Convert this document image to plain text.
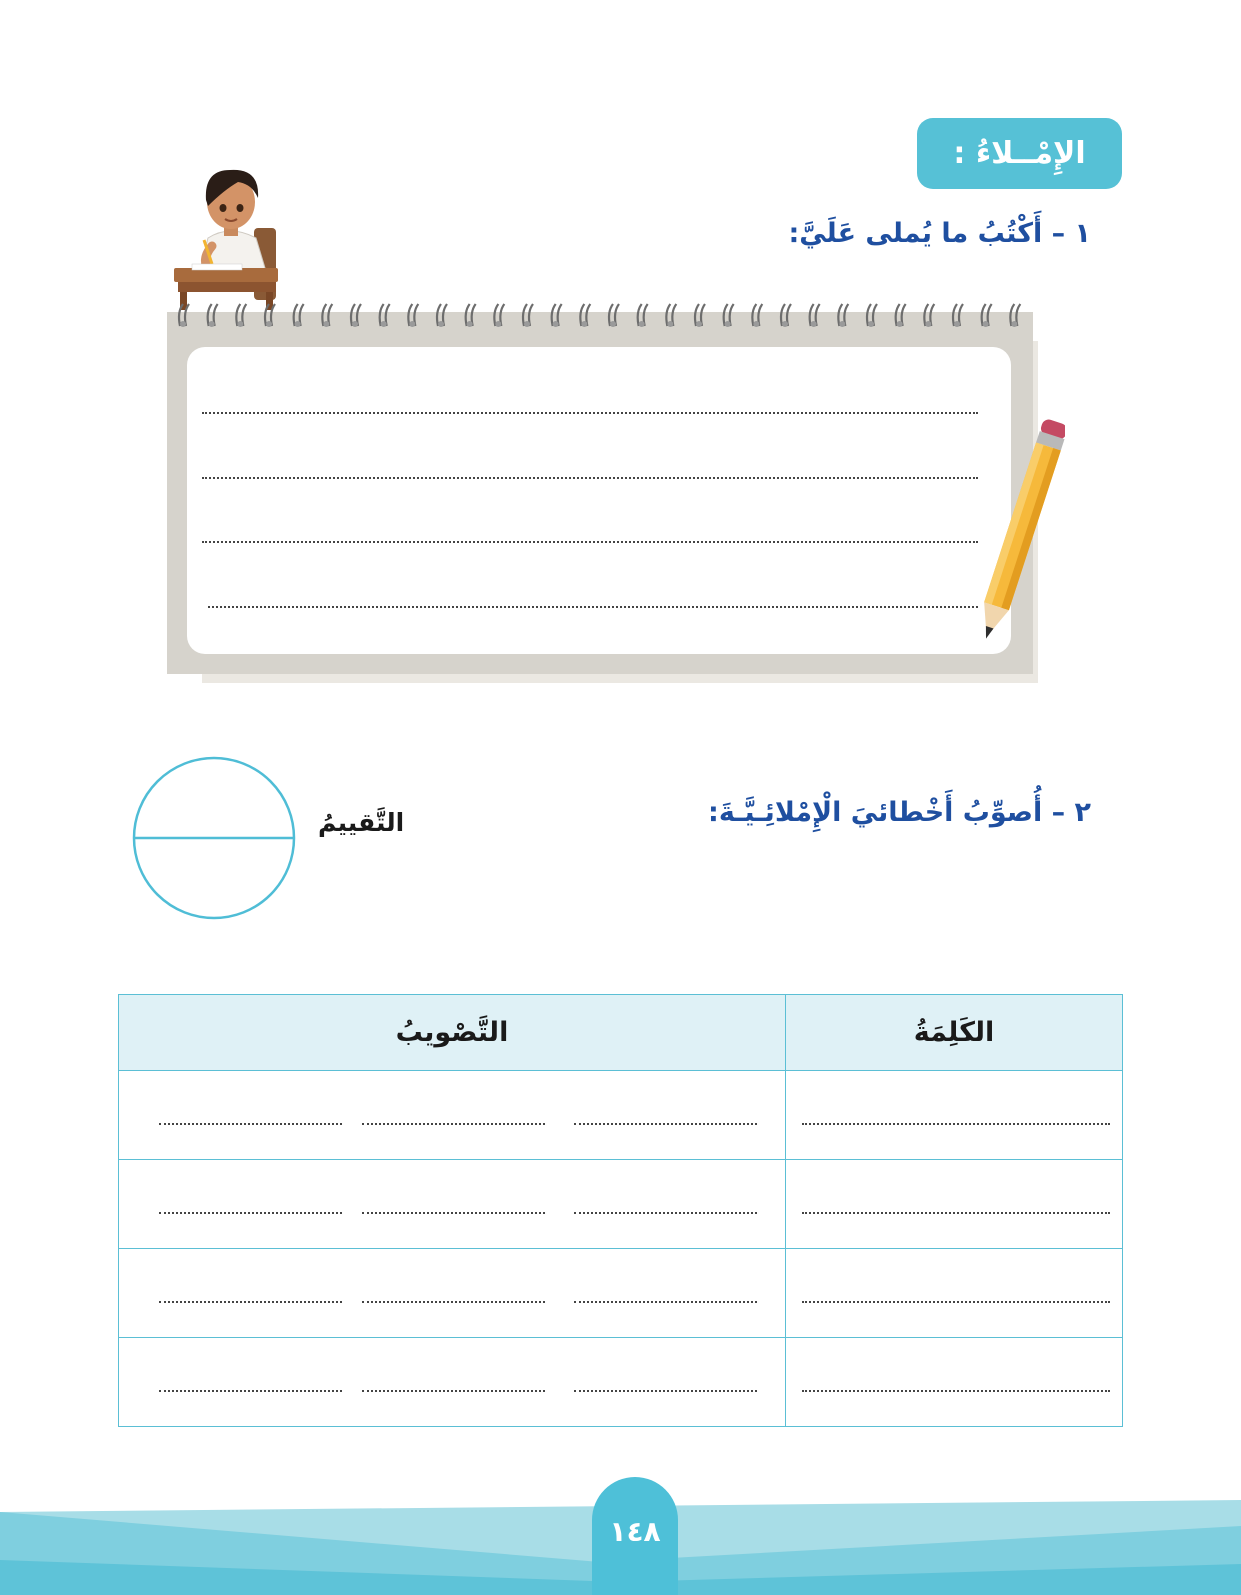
الإِمْــلاءُ :
١ – أَكْتُبُ ما يُملى عَلَيَّ:
٢ – أُصوِّبُ أَخْطائيَ الْإِمْلائِـيَّـةَ:
التَّقييمُ
الكَلِمَةُ	التَّصْويبُ

١٤٨
